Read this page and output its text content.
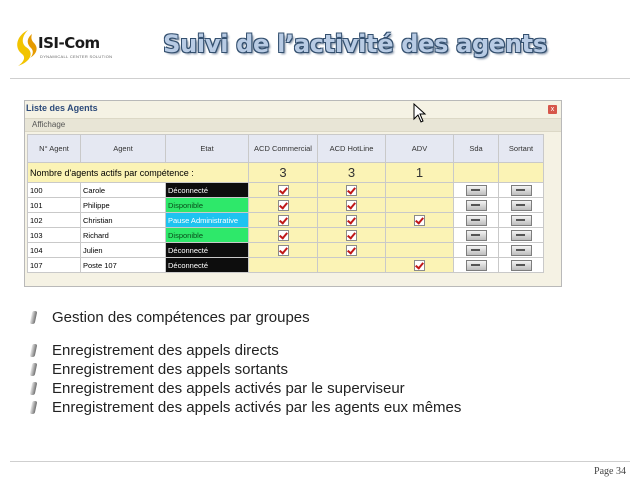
ISI-Com
DYNAMICALL CENTER SOLUTION	Suivi de l’activité des agents
Liste des Agents	x
Affichage
N° Agent	Agent	Etat	ACD Commercial	ACD HotLine	ADV	Sda	Sortant
Nombre d'agents actifs par compétence :			3	3	1		
100	Carole	Déconnecté	

101	Philippe	Disponible	

102	Christian	Pause Administrative	

103	Richard	Disponible	

104	Julien	Déconnecté	

107	Poste 107	Déconnecté			

Gestion des compétences par groupes
Enregistrement des appels directs
Enregistrement des appels sortants
Enregistrement des appels activés par le superviseur
Enregistrement des appels activés par les agents eux mêmes
Page 34
